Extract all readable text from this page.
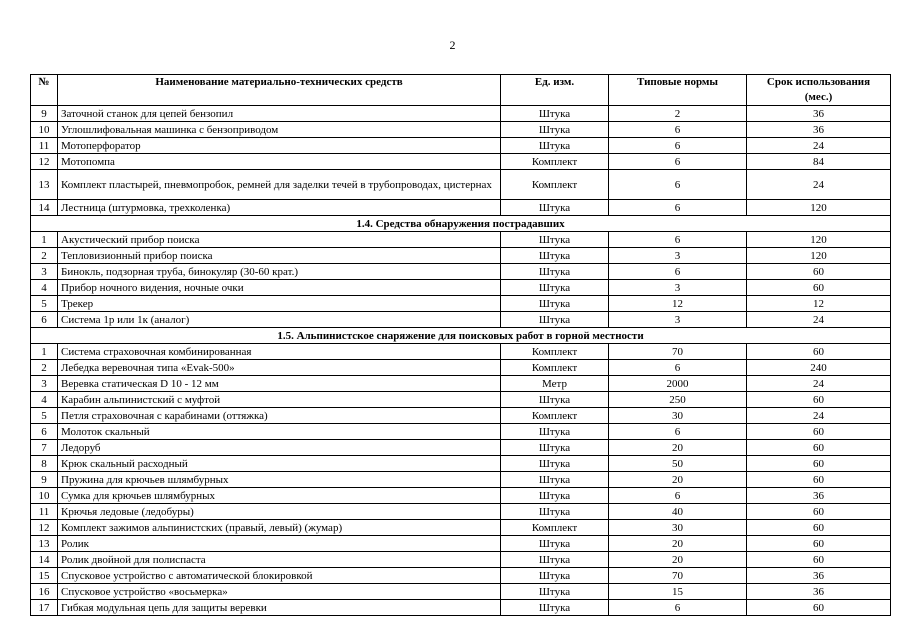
2
№	Наименование материально-технических средств	Ед. изм.	Типовые нормы	Срок использования
(мес.)
9	Заточной станок для цепей бензопил	Штука	2	36
10	Углошлифовальная машинка с бензоприводом	Штука	6	36
11	Мотоперфоратор	Штука	6	24
12	Мотопомпа	Комплект	6	84
13	Комплект пластырей, пневмопробок, ремней для заделки течей в трубопроводах, цистернах	Комплект	6	24
14	Лестница (штурмовка, трехколенка)	Штука	6	120
1.4. Средства обнаружения пострадавших				
1	Акустический прибор поиска	Штука	6	120
2	Тепловизионный прибор поиска	Штука	3	120
3	Бинокль, подзорная труба, бинокуляр (30-60 крат.)	Штука	6	60
4	Прибор ночного видения, ночные очки	Штука	3	60
5	Трекер	Штука	12	12
6	Система 1р или 1к (аналог)	Штука	3	24
1.5. Альпинистское снаряжение для поисковых работ в горной местности				
1	Система страховочная комбинированная	Комплект	70	60
2	Лебедка веревочная типа «Evak-500»	Комплект	6	240
3	Веревка статическая D 10 - 12 мм	Метр	2000	24
4	Карабин альпинистский с муфтой	Штука	250	60
5	Петля страховочная с карабинами (оттяжка)	Комплект	30	24
6	Молоток скальный	Штука	6	60
7	Ледоруб	Штука	20	60
8	Крюк скальный расходный	Штука	50	60
9	Пружина для крючьев шлямбурных	Штука	20	60
10	Сумка для крючьев шлямбурных	Штука	6	36
11	Крючья ледовые (ледобуры)	Штука	40	60
12	Комплект зажимов альпинистских (правый, левый) (жумар)	Комплект	30	60
13	Ролик	Штука	20	60
14	Ролик двойной для полиспаста	Штука	20	60
15	Спусковое устройство с автоматической блокировкой	Штука	70	36
16	Спусковое устройство «восьмерка»	Штука	15	36
17	Гибкая модульная цепь для защиты веревки	Штука	6	60
